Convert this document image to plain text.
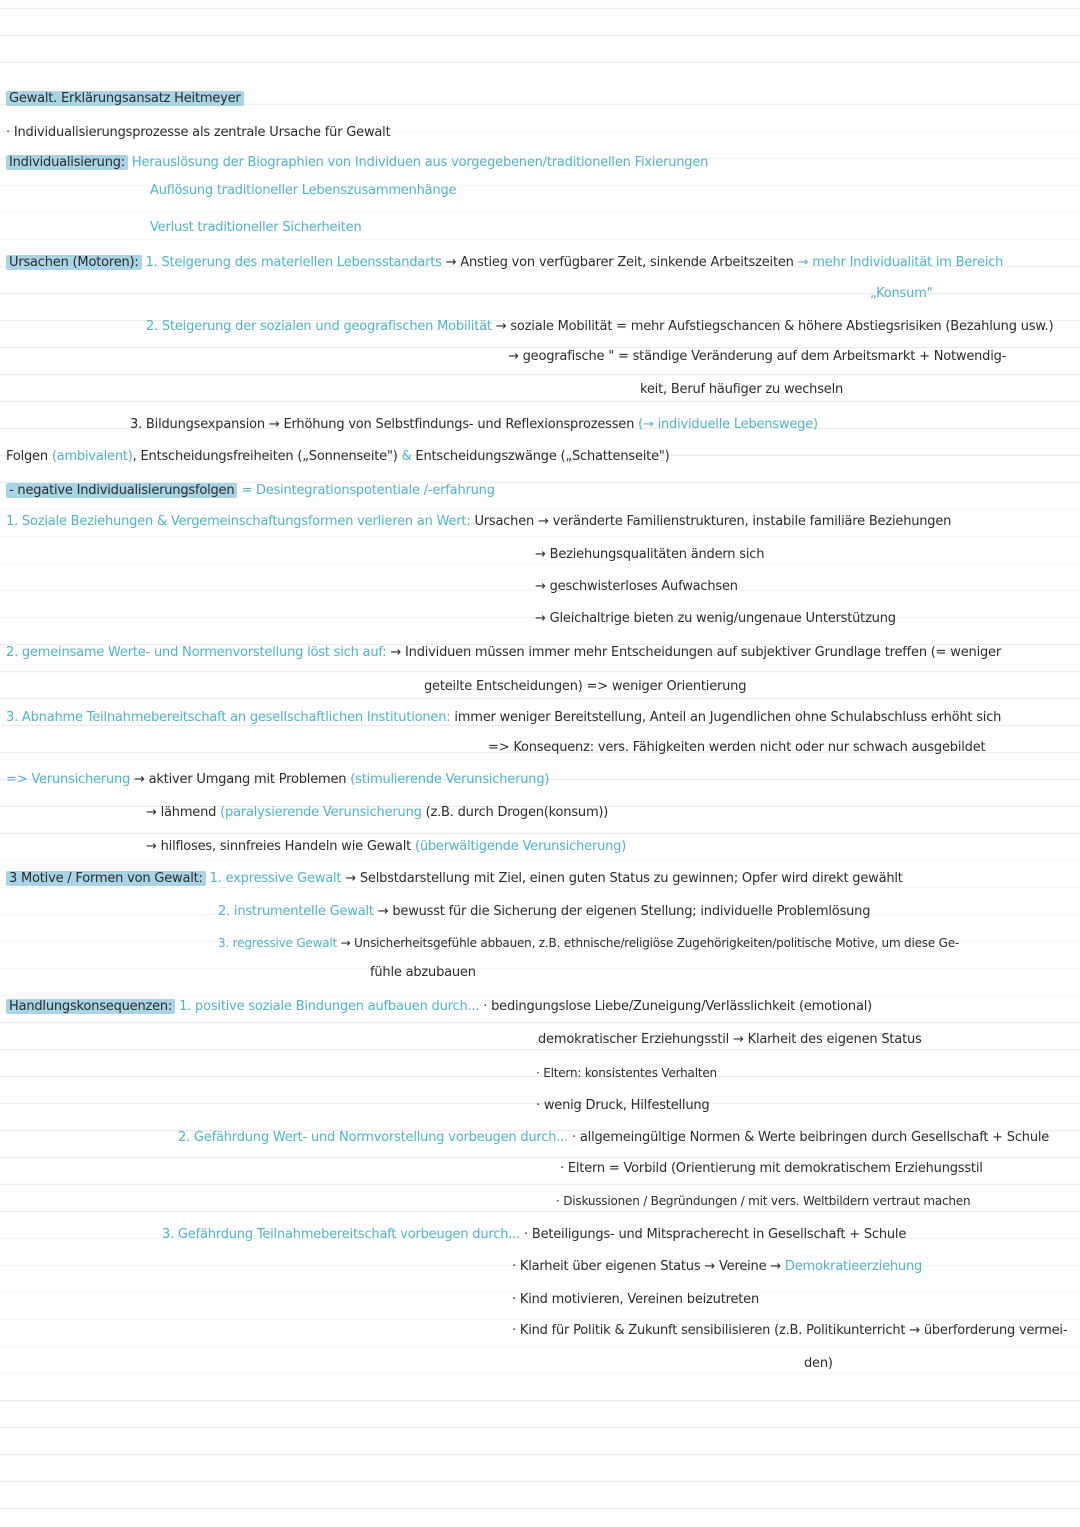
Gewalt. Erklärungsansatz Heitmeyer
· Individualisierungsprozesse als zentrale Ursache für Gewalt
Individualisierung: Herauslösung der Biographien von Individuen aus vorgegebenen/traditionellen Fixierungen
Auflösung traditioneller Lebenszusammenhänge
Verlust traditioneller Sicherheiten
Ursachen (Motoren): 1. Steigerung des materiellen Lebensstandarts → Anstieg von verfügbarer Zeit, sinkende Arbeitszeiten → mehr Individualität im Bereich
„Konsum"
2. Steigerung der sozialen und geografischen Mobilität → soziale Mobilität = mehr Aufstiegschancen & höhere Abstiegsrisiken (Bezahlung usw.)
→ geografische " = ständige Veränderung auf dem Arbeitsmarkt + Notwendig-
keit, Beruf häufiger zu wechseln
3. Bildungsexpansion → Erhöhung von Selbstfindungs- und Reflexionsprozessen (→ individuelle Lebenswege)
Folgen (ambivalent), Entscheidungsfreiheiten („Sonnenseite") & Entscheidungszwänge („Schattenseite")
- negative Individualisierungsfolgen = Desintegrationspotentiale /-erfahrung
1. Soziale Beziehungen & Vergemeinschaftungsformen verlieren an Wert: Ursachen → veränderte Familienstrukturen, instabile familiäre Beziehungen
→ Beziehungsqualitäten ändern sich
→ geschwisterloses Aufwachsen
→ Gleichaltrige bieten zu wenig/ungenaue Unterstützung
2. gemeinsame Werte- und Normenvorstellung löst sich auf: → Individuen müssen immer mehr Entscheidungen auf subjektiver Grundlage treffen (= weniger
geteilte Entscheidungen) => weniger Orientierung
3. Abnahme Teilnahmebereitschaft an gesellschaftlichen Institutionen: immer weniger Bereitstellung, Anteil an Jugendlichen ohne Schulabschluss erhöht sich
=> Konsequenz: vers. Fähigkeiten werden nicht oder nur schwach ausgebildet
=> Verunsicherung → aktiver Umgang mit Problemen (stimulierende Verunsicherung)
→ lähmend (paralysierende Verunsicherung (z.B. durch Drogen(konsum))
→ hilfloses, sinnfreies Handeln wie Gewalt (überwältigende Verunsicherung)
3 Motive / Formen von Gewalt: 1. expressive Gewalt → Selbstdarstellung mit Ziel, einen guten Status zu gewinnen; Opfer wird direkt gewählt
2. instrumentelle Gewalt → bewusst für die Sicherung der eigenen Stellung; individuelle Problemlösung
3. regressive Gewalt → Unsicherheitsgefühle abbauen, z.B. ethnische/religiöse Zugehörigkeiten/politische Motive, um diese Ge-
fühle abzubauen
Handlungskonsequenzen: 1. positive soziale Bindungen aufbauen durch... · bedingungslose Liebe/Zuneigung/Verlässlichkeit (emotional)
demokratischer Erziehungsstil → Klarheit des eigenen Status
· Eltern: konsistentes Verhalten
· wenig Druck, Hilfestellung
2. Gefährdung Wert- und Normvorstellung vorbeugen durch... · allgemeingültige Normen & Werte beibringen durch Gesellschaft + Schule
· Eltern = Vorbild (Orientierung mit demokratischem Erziehungsstil
· Diskussionen / Begründungen / mit vers. Weltbildern vertraut machen
3. Gefährdung Teilnahmebereitschaft vorbeugen durch... · Beteiligungs- und Mitspracherecht in Gesellschaft + Schule
· Klarheit über eigenen Status → Vereine → Demokratieerziehung
· Kind motivieren, Vereinen beizutreten
· Kind für Politik & Zukunft sensibilisieren (z.B. Politikunterricht → überforderung vermei-
den)
